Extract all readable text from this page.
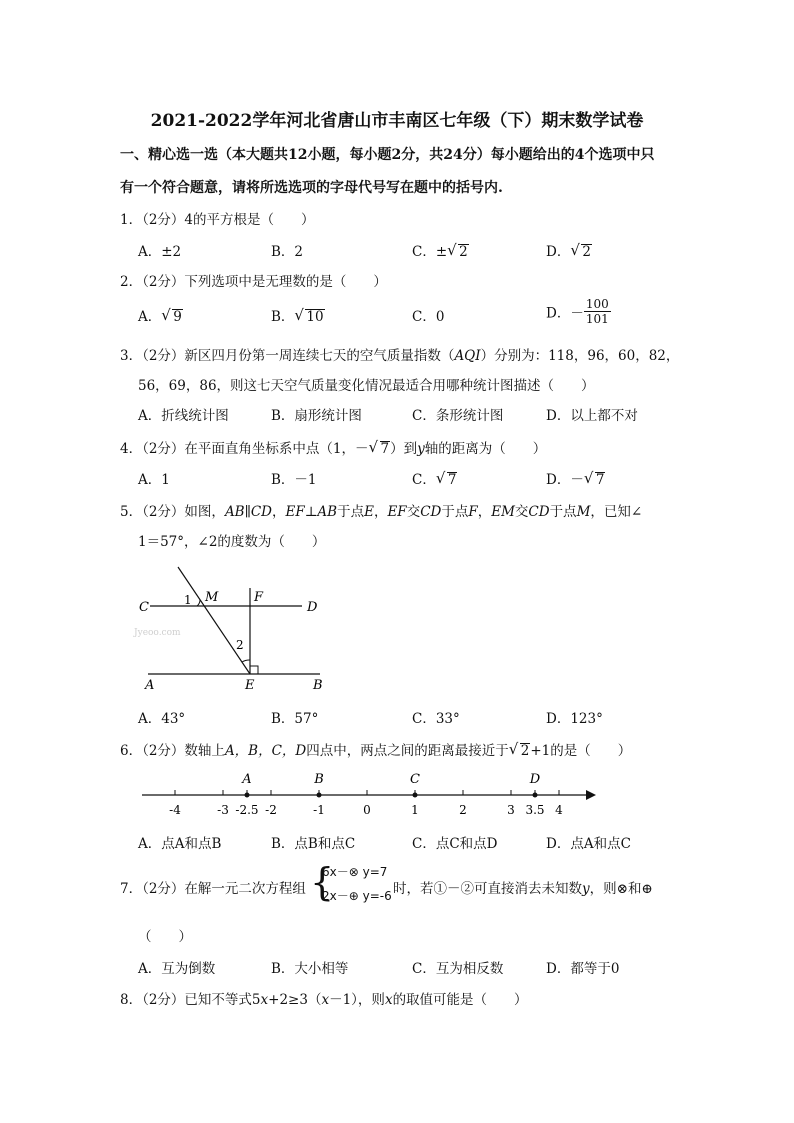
2021-2022学年河北省唐山市丰南区七年级（下）期末数学试卷
一、精心选一选（本大题共12小题，每小题2分，共24分）每小题给出的4个选项中只
有一个符合题意，请将所选选项的字母代号写在题中的括号内.
1．（2分）4的平方根是（　　）
A．±2	B．2	C．± √ 2	D． √ 2
2．（2分）下列选项中是无理数的是（　　）
A． √ 9	B． √ 10	C．0	D．－ $\frac{100}{101}$
3．（2分）新区四月份第一周连续七天的空气质量指数（AQI）分别为：118，96，60，82，
56，69，86，则这七天空气质量变化情况最适合用哪种统计图描述（　　）
A．折线统计图	B．扇形统计图	C．条形统计图	D．以上都不对
4．（2分）在平面直角坐标系中点（1，－ √ 7）到y轴的距离为（　　）
A．1	B．－1	C． √ 7	D．－ √ 7
5．（2分）如图，AB∥CD，EF⊥AB于点E，EF交CD于点F，EM交CD于点M，已知∠
1＝57°，∠2的度数为（　　）
C	D
M	F
1
2
A	E	B
Jyeoo.com
A．43°	B．57°	C．33°	D．123°
6．（2分）数轴上A，B，C，D四点中，两点之间的距离最接近于 √ 2+1的是（　　）
-4	-3 -2.5 -2	-1	0	1	2	3 3.5 4
A	B	C	D
A．点A和点B	B．点B和点C	C．点C和点D	D．点A和点C
7．（2分）在解一元二次方程组 {
6x－⊗ y=7
2x－⊕ y=-6 时，若①－②可直接消去未知数y，则⊗和⊕
（　　）
A．互为倒数	B．大小相等	C．互为相反数	D．都等于0
8．（2分）已知不等式5x+2≥3（x－1），则x的取值可能是（　　）
